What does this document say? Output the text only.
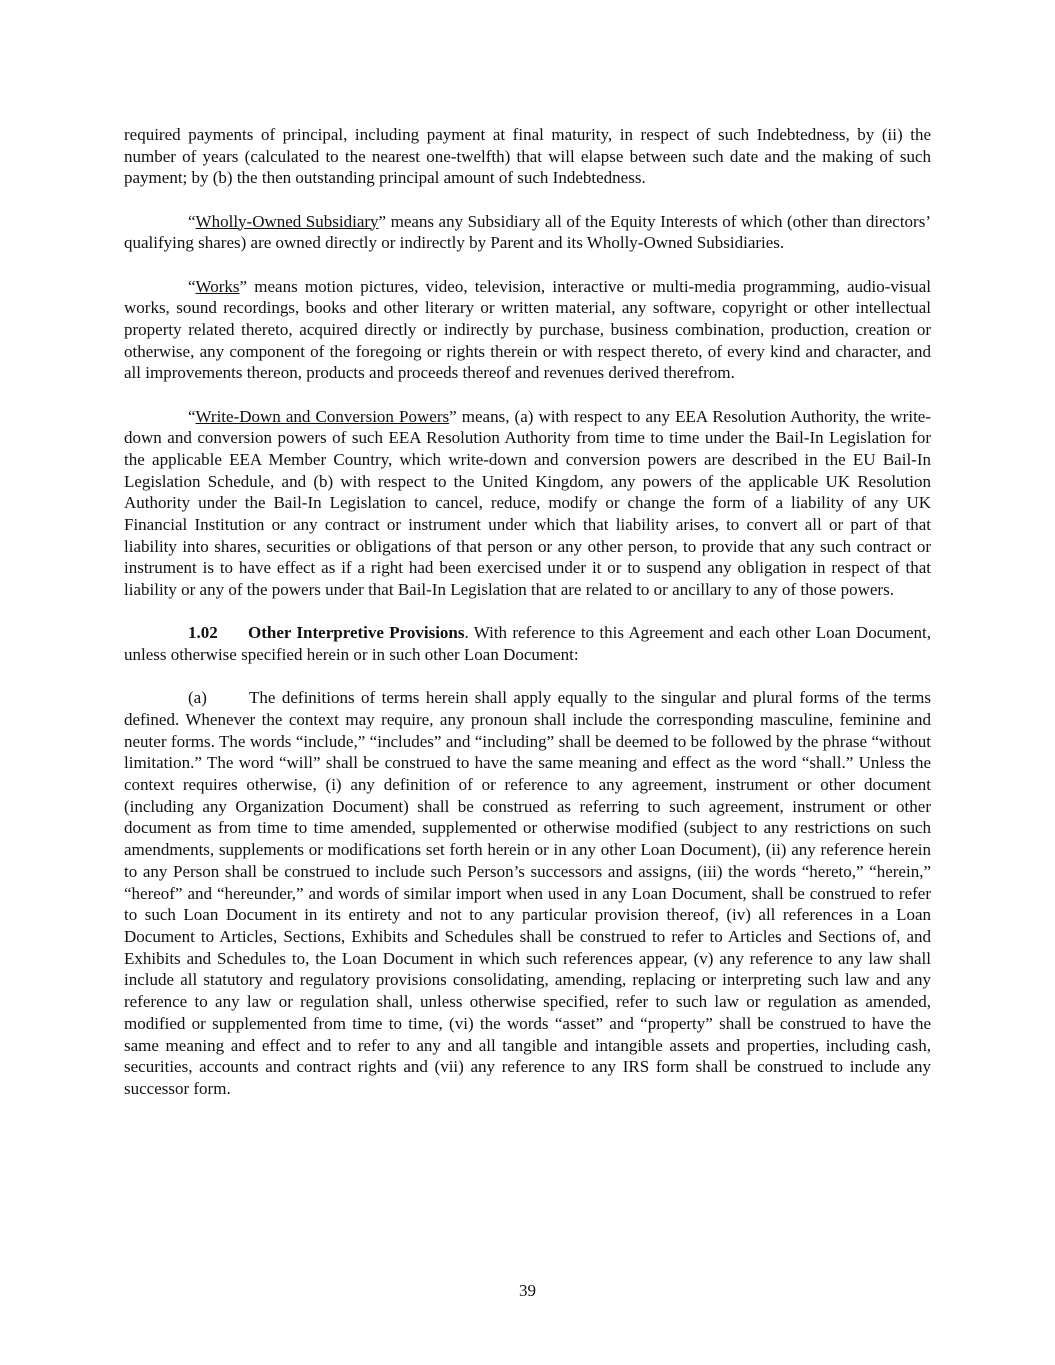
required payments of principal, including payment at final maturity, in respect of such Indebtedness, by (ii) the number of years (calculated to the nearest one-twelfth) that will elapse between such date and the making of such payment; by (b) the then outstanding principal amount of such Indebtedness.

“Wholly-Owned Subsidiary” means any Subsidiary all of the Equity Interests of which (other than directors’ qualifying shares) are owned directly or indirectly by Parent and its Wholly-Owned Subsidiaries.

“Works” means motion pictures, video, television, interactive or multi-media programming, audio-visual works, sound recordings, books and other literary or written material, any software, copyright or other intellectual property related thereto, acquired directly or indirectly by purchase, business combination, production, creation or otherwise, any component of the foregoing or rights therein or with respect thereto, of every kind and character, and all improvements thereon, products and proceeds thereof and revenues derived therefrom.

“Write-Down and Conversion Powers” means, (a) with respect to any EEA Resolution Authority, the write-down and conversion powers of such EEA Resolution Authority from time to time under the Bail-In Legislation for the applicable EEA Member Country, which write-down and conversion powers are described in the EU Bail-In Legislation Schedule, and (b) with respect to the United Kingdom, any powers of the applicable UK Resolution Authority under the Bail-In Legislation to cancel, reduce, modify or change the form of a liability of any UK Financial Institution or any contract or instrument under which that liability arises, to convert all or part of that liability into shares, securities or obligations of that person or any other person, to provide that any such contract or instrument is to have effect as if a right had been exercised under it or to suspend any obligation in respect of that liability or any of the powers under that Bail-In Legislation that are related to or ancillary to any of those powers.

1.02 Other Interpretive Provisions. With reference to this Agreement and each other Loan Document, unless otherwise specified herein or in such other Loan Document:

(a) The definitions of terms herein shall apply equally to the singular and plural forms of the terms defined. Whenever the context may require, any pronoun shall include the corresponding masculine, feminine and neuter forms. The words “include,” “includes” and “including” shall be deemed to be followed by the phrase “without limitation.” The word “will” shall be construed to have the same meaning and effect as the word “shall.” Unless the context requires otherwise, (i) any definition of or reference to any agreement, instrument or other document (including any Organization Document) shall be construed as referring to such agreement, instrument or other document as from time to time amended, supplemented or otherwise modified (subject to any restrictions on such amendments, supplements or modifications set forth herein or in any other Loan Document), (ii) any reference herein to any Person shall be construed to include such Person’s successors and assigns, (iii) the words “hereto,” “herein,” “hereof” and “hereunder,” and words of similar import when used in any Loan Document, shall be construed to refer to such Loan Document in its entirety and not to any particular provision thereof, (iv) all references in a Loan Document to Articles, Sections, Exhibits and Schedules shall be construed to refer to Articles and Sections of, and Exhibits and Schedules to, the Loan Document in which such references appear, (v) any reference to any law shall include all statutory and regulatory provisions consolidating, amending, replacing or interpreting such law and any reference to any law or regulation shall, unless otherwise specified, refer to such law or regulation as amended, modified or supplemented from time to time, (vi) the words “asset” and “property” shall be construed to have the same meaning and effect and to refer to any and all tangible and intangible assets and properties, including cash, securities, accounts and contract rights and (vii) any reference to any IRS form shall be construed to include any successor form.

39
